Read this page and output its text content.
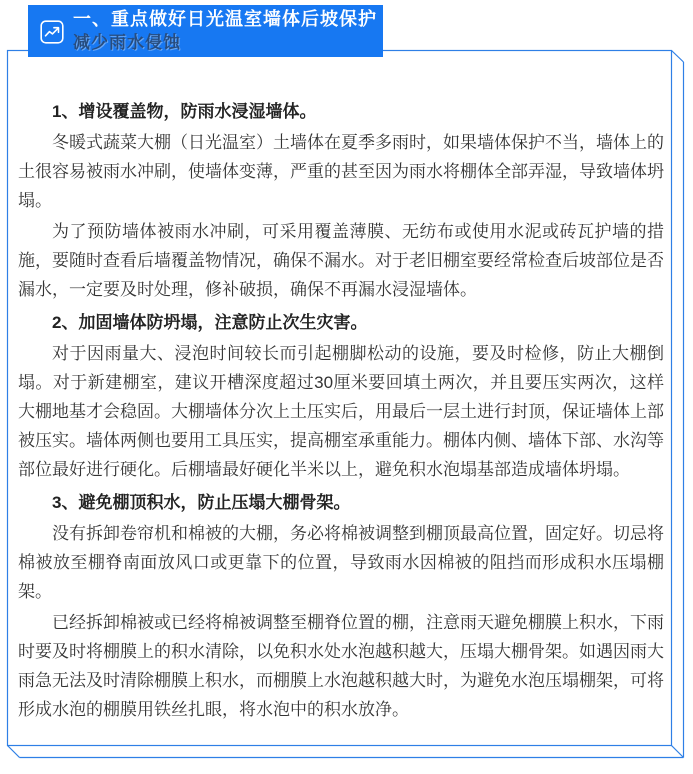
一、重点做好日光温室墙体后坡保护
减少雨水侵蚀
1、增设覆盖物，防雨水浸湿墙体。

冬暖式蔬菜大棚（日光温室）土墙体在夏季多雨时，如果墙体保护不当，墙体上的土很容易被雨水冲刷，使墙体变薄，严重的甚至因为雨水将棚体全部弄湿，导致墙体坍塌。

为了预防墙体被雨水冲刷，可采用覆盖薄膜、无纺布或使用水泥或砖瓦护墙的措施，要随时查看后墙覆盖物情况，确保不漏水。对于老旧棚室要经常检查后坡部位是否漏水，一定要及时处理，修补破损，确保不再漏水浸湿墙体。

2、加固墙体防坍塌，注意防止次生灾害。

对于因雨量大、浸泡时间较长而引起棚脚松动的设施，要及时检修，防止大棚倒塌。对于新建棚室，建议开槽深度超过30厘米要回填土两次，并且要压实两次，这样大棚地基才会稳固。大棚墙体分次上土压实后，用最后一层土进行封顶，保证墙体上部被压实。墙体两侧也要用工具压实，提高棚室承重能力。棚体内侧、墙体下部、水沟等部位最好进行硬化。后棚墙最好硬化半米以上，避免积水泡塌基部造成墙体坍塌。

3、避免棚顶积水，防止压塌大棚骨架。

没有拆卸卷帘机和棉被的大棚，务必将棉被调整到棚顶最高位置，固定好。切忌将棉被放至棚脊南面放风口或更靠下的位置，导致雨水因棉被的阻挡而形成积水压塌棚架。

已经拆卸棉被或已经将棉被调整至棚脊位置的棚，注意雨天避免棚膜上积水，下雨时要及时将棚膜上的积水清除，以免积水处水泡越积越大，压塌大棚骨架。如遇因雨大雨急无法及时清除棚膜上积水，而棚膜上水泡越积越大时，为避免水泡压塌棚架，可将形成水泡的棚膜用铁丝扎眼，将水泡中的积水放净。
